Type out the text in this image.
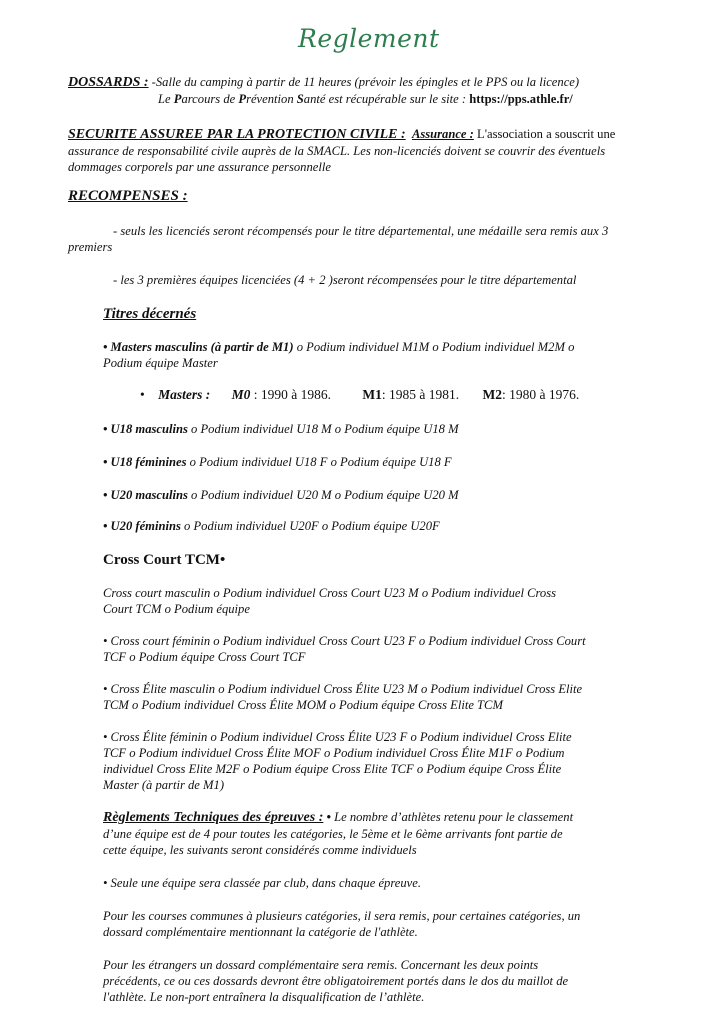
Reglement

DOSSARDS : -Salle du camping à partir de 11 heures (prévoir les épingles et le PPS ou la licence)

Le Parcours de Prévention Santé est récupérable sur le site : https://pps.athle.fr/

SECURITE ASSUREE PAR LA PROTECTION CIVILE : Assurance : L'association a souscrit une

assurance de responsabilité civile auprès de la SMACL. Les non-licenciés doivent se couvrir des éventuels

dommages corporels par une assurance personnelle

RECOMPENSES :

- seuls les licenciés seront récompensés pour le titre départemental, une médaille sera remis aux 3

premiers

- les 3 premières équipes licenciées (4 + 2 )seront récompensées pour le titre départemental

Titres décernés

• Masters masculins (à partir de M1) o Podium individuel M1M o Podium individuel M2M o

Podium équipe Master

• Masters : M0 : 1990 à 1986. M1: 1985 à 1981. M2: 1980 à 1976.

• U18 masculins o Podium individuel U18 M o Podium équipe U18 M

• U18 féminines o Podium individuel U18 F o Podium équipe U18 F

• U20 masculins o Podium individuel U20 M o Podium équipe U20 M

• U20 féminins o Podium individuel U20F o Podium équipe U20F

Cross Court TCM•

Cross court masculin o Podium individuel Cross Court U23 M o Podium individuel Cross

Court TCM o Podium équipe

• Cross court féminin o Podium individuel Cross Court U23 F o Podium individuel Cross Court

TCF o Podium équipe Cross Court TCF

• Cross Élite masculin o Podium individuel Cross Élite U23 M o Podium individuel Cross Elite

TCM o Podium individuel Cross Élite MOM o Podium équipe Cross Elite TCM

• Cross Élite féminin o Podium individuel Cross Élite U23 F o Podium individuel Cross Elite

TCF o Podium individuel Cross Élite MOF o Podium individuel Cross Élite M1F o Podium

individuel Cross Elite M2F o Podium équipe Cross Elite TCF o Podium équipe Cross Élite

Master (à partir de M1)

Règlements Techniques des épreuves : • Le nombre d’athlètes retenu pour le classement

d’une équipe est de 4 pour toutes les catégories, le 5ème et le 6ème arrivants font partie de

cette équipe, les suivants seront considérés comme individuels

• Seule une équipe sera classée par club, dans chaque épreuve.

Pour les courses communes à plusieurs catégories, il sera remis, pour certaines catégories, un

dossard complémentaire mentionnant la catégorie de l'athlète.

Pour les étrangers un dossard complémentaire sera remis. Concernant les deux points

précédents, ce ou ces dossards devront être obligatoirement portés dans le dos du maillot de

l'athlète. Le non-port entraînera la disqualification de l’athlète.
